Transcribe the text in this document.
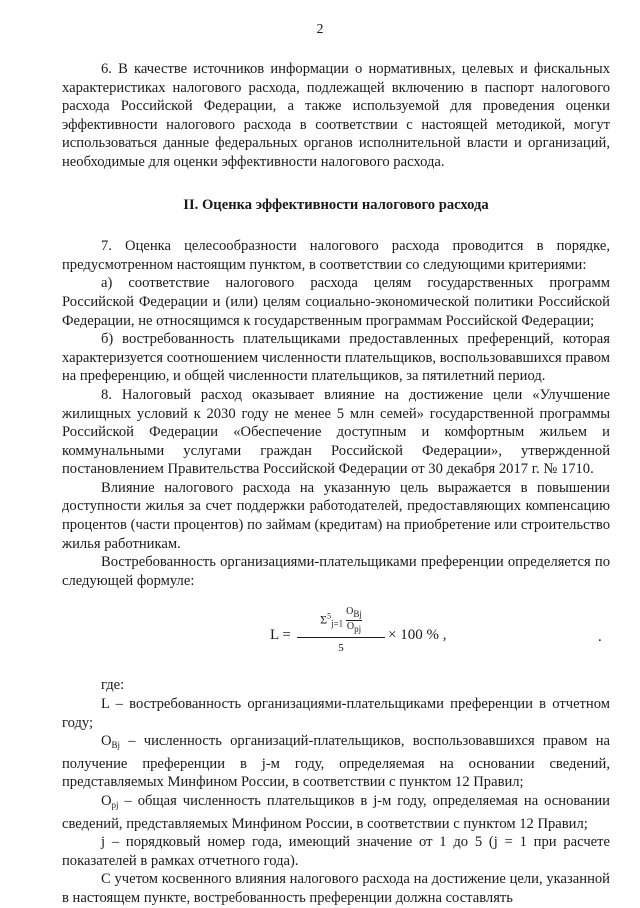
2

6. В качестве источников информации о нормативных, целевых и фискальных характеристиках налогового расхода, подлежащей включению в паспорт налогового расхода Российской Федерации, а также используемой для проведения оценки эффективности налогового расхода в соответствии с настоящей методикой, могут использоваться данные федеральных органов исполнительной власти и организаций, необходимые для оценки эффективности налогового расхода.

II. Оценка эффективности налогового расхода

7. Оценка целесообразности налогового расхода проводится в порядке, предусмотренном настоящим пунктом, в соответствии со следующими критериями:

а) соответствие налогового расхода целям государственных программ Российской Федерации и (или) целям социально-экономической политики Российской Федерации, не относящимся к государственным программам Российской Федерации;

б) востребованность плательщиками предоставленных преференций, которая характеризуется соотношением численности плательщиков, воспользовавшихся правом на преференцию, и общей численности плательщиков, за пятилетний период.

8. Налоговый расход оказывает влияние на достижение цели «Улучшение жилищных условий к 2030 году не менее 5 млн семей» государственной программы Российской Федерации «Обеспечение доступным и комфортным жильем и коммунальными услугами граждан Российской Федерации», утвержденной постановлением Правительства Российской Федерации от 30 декабря 2017 г. № 1710.

Влияние налогового расхода на указанную цель выражается в повышении доступности жилья за счет поддержки работодателей, предоставляющих компенсацию процентов (части процентов) по займам (кредитам) на приобретение или строительство жилья работникам.

Востребованность организациями-плательщиками преференции определяется по следующей формуле:

L =
$\Sigma^5_{j=1}$
OBj
Opj
5
× 100 % ,	.

где:

L – востребованность организациями-плательщиками преференции в отчетном году;

$O_{Bj}$ – численность организаций-плательщиков, воспользовавшихся правом на получение преференции в j-м году, определяемая на основании сведений, представляемых Минфином России, в соответствии с пунктом 12 Правил;

$O_{pj}$ – общая численность плательщиков в j-м году, определяемая на основании сведений, представляемых Минфином России, в соответствии с пунктом 12 Правил;

j – порядковый номер года, имеющий значение от 1 до 5 (j = 1 при расчете показателей в рамках отчетного года).

С учетом косвенного влияния налогового расхода на достижение цели, указанной в настоящем пункте, востребованность преференции должна составлять
